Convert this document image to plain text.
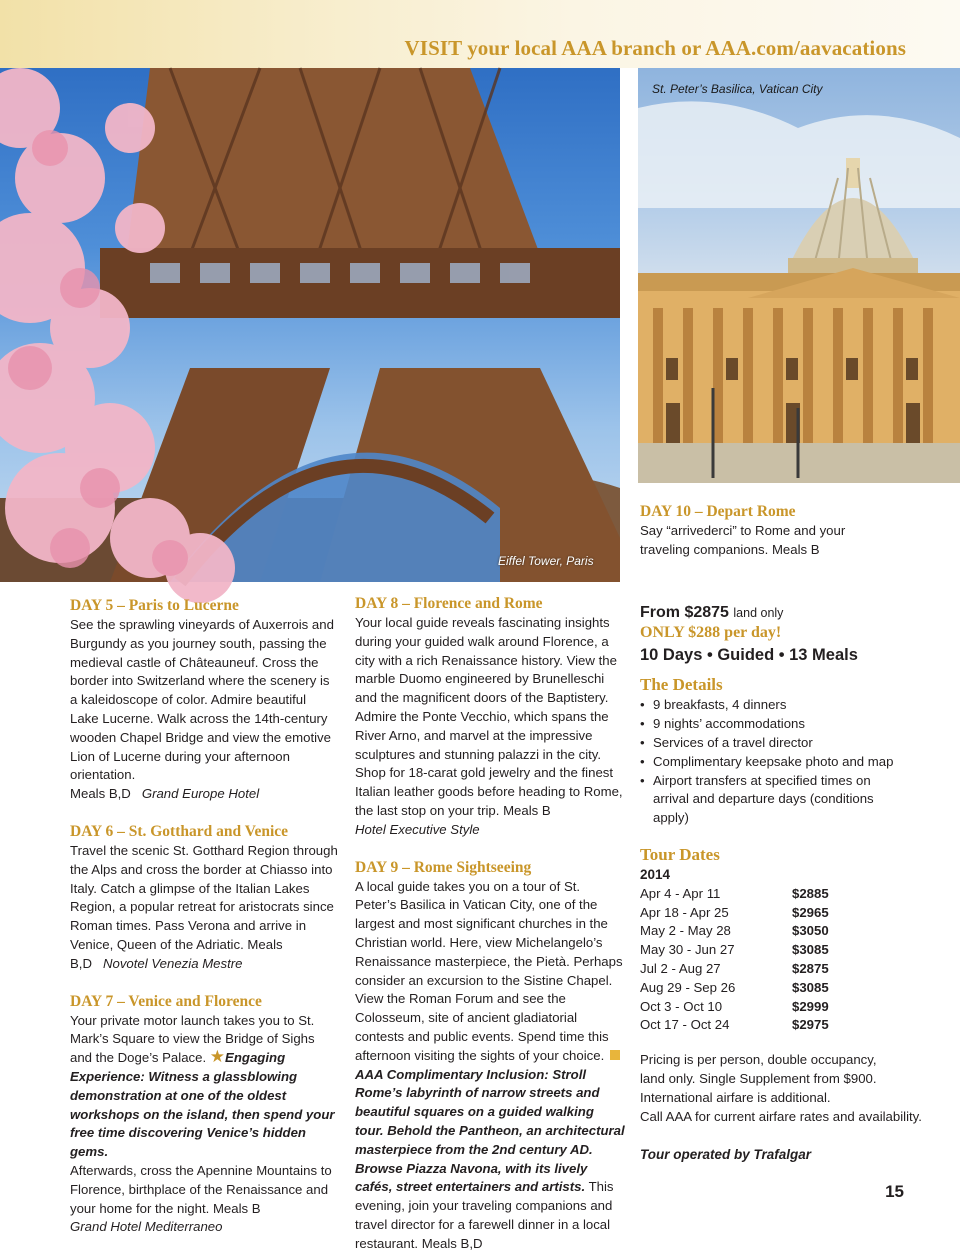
VISIT your local AAA branch or AAA.com/aavacations
Eiffel Tower, Paris
St. Peter’s Basilica, Vatican City
DAY 5 – Paris to Lucerne
See the sprawling vineyards of Auxerrois and Burgundy as you journey south, passing the medieval castle of Châteauneuf. Cross the border into Switzerland where the scenery is a kaleidoscope of color. Admire beautiful Lake Lucerne. Walk across the 14th-century wooden Chapel Bridge and view the emotive Lion of Lucerne during your afternoon orientation.
Meals B,D Grand Europe Hotel
DAY 6 – St. Gotthard and Venice
Travel the scenic St. Gotthard Region through the Alps and cross the border at Chiasso into Italy. Catch a glimpse of the Italian Lakes Region, a popular retreat for aristocrats since Roman times. Pass Verona and arrive in Venice, Queen of the Adriatic. Meals B,D Novotel Venezia Mestre
DAY 7 – Venice and Florence
Your private motor launch takes you to St. Mark’s Square to view the Bridge of Sighs and the Doge’s Palace. ★Engaging Experience: Witness a glassblowing demonstration at one of the oldest workshops on the island, then spend your free time discovering Venice’s hidden gems.
Afterwards, cross the Apennine Mountains to Florence, birthplace of the Renaissance and your home for the night. Meals B
Grand Hotel Mediterraneo
DAY 8 – Florence and Rome
Your local guide reveals fascinating insights during your guided walk around Florence, a city with a rich Renaissance history. View the marble Duomo engineered by Brunelleschi and the magnificent doors of the Baptistery. Admire the Ponte Vecchio, which spans the River Arno, and marvel at the impressive sculptures and stunning palazzi in the city. Shop for 18-carat gold jewelry and the finest Italian leather goods before heading to Rome, the last stop on your trip. Meals B
Hotel Executive Style
DAY 9 – Rome Sightseeing
A local guide takes you on a tour of St. Peter’s Basilica in Vatican City, one of the largest and most significant churches in the Christian world. Here, view Michelangelo’s Renaissance masterpiece, the Pietà. Perhaps consider an excursion to the Sistine Chapel. View the Roman Forum and see the Colosseum, site of ancient gladiatorial contests and public events. Spend time this afternoon visiting the sights of your choice. AAA Complimentary Inclusion: Stroll Rome’s labyrinth of narrow streets and beautiful squares on a guided walking tour. Behold the Pantheon, an architectural masterpiece from the 2nd century AD. Browse Piazza Navona, with its lively cafés, street entertainers and artists. This evening, join your traveling companions and travel director for a farewell dinner in a local restaurant. Meals B,D
DAY 10 – Depart Rome
Say “arrivederci” to Rome and your traveling companions. Meals B
From $2875 land only
ONLY $288 per day!
10 Days • Guided • 13 Meals
The Details
• 9 breakfasts, 4 dinners
• 9 nights’ accommodations
• Services of a travel director
• Complimentary keepsake photo and map
• Airport transfers at specified times on arrival and departure days (conditions apply)
Tour Dates
2014
Apr 4 - Apr 11	$2885
Apr 18 - Apr 25	$2965
May 2 - May 28	$3050
May 30 - Jun 27	$3085
Jul 2 - Aug 27	$2875
Aug 29 - Sep 26	$3085
Oct 3 - Oct 10	$2999
Oct 17 - Oct 24	$2975
Pricing is per person, double occupancy,
land only. Single Supplement from $900.
International airfare is additional.
Call AAA for current airfare rates and availability.
Tour operated by Trafalgar
15
